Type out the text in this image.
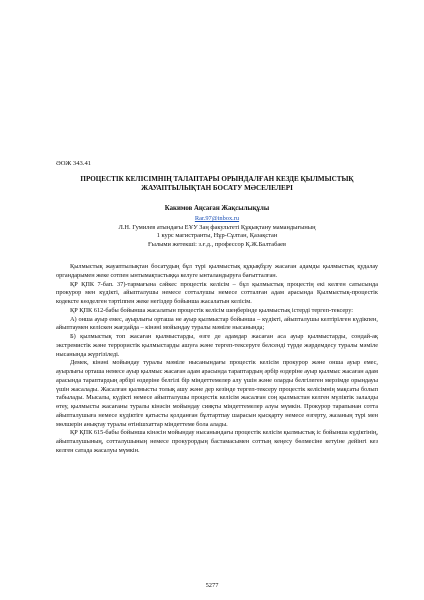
ӘОЖ 343.41
ПРОЦЕСТІК КЕЛІСІМНІҢ ТАЛАПТАРЫ ОРЫНДАЛҒАН КЕЗДЕ ҚЫЛМЫСТЫҚ ЖАУАПТЫЛЫҚТАН БОСАТУ МӘСЕЛЕЛЕРІ
Какимов Аңсаған Жақсылықұлы
Rar.97@inbox.ru
Л.Н. Гумилев атындағы ЕҰУ Заң факультеті Құқықтану мамандығының
1 курс магистранты, Нұр-Сұлтан, Қазақстан
Ғылыми жетекші: з.ғ.д., профессор Қ.Ж.Балтабаев

Қылмыстық жауаптылықтан босатудың бұл түрі қылмыстық құқықбұзу жасаған адамды қылмыстық қудалау органдарымен жеке сотпен ынтымақтастыққа келуге ынталандыруға бағытталған.

ҚР ҚПК 7-бап. 37)-тармағына сәйкес процестік келісім – бұл қылмыстық процестің екі келген сатысында прокурор мен күдікті, айыпталушы немесе сотталушы немесе сотталған адам арасында Қылмыстық-процестік кодексте көзделген тәртіппен жеке негіздер бойынша жасалатын келісім.

ҚР ҚПК 612-бабы бойынша жасалатын процестік келісім шеңберінде қылмыстық істерді тергеп-тексеру:

А) онша ауыр емес, ауырлығы орташа не ауыр қылмыстар бойынша – күдікті, айыпталушы келтірілген күдікпен, айыптаумен келіскен жағдайда – кінәні мойындау туралы мәміле нысанында;

Б) қылмыстық топ жасаған қылмыстарды, өзге де адамдар жасаған аса ауыр қылмыстарды, сондай-ақ экстремистік және террористік қылмыстарды ашуға және тергеп-тексеруге белсенді түрде жәрдемдесу туралы мәміле нысанында жүргізіледі.

Демек, кінәні мойындау туралы мәміле нысанындағы процестік келісім прокурор және онша ауыр емес, ауырлығы орташа немесе ауыр қылмыс жасаған адам арасында тараптардың әрбір өздеріне ауыр қылмыс жасаған адам арасында тараптардың әрбірі өздеріне белгілі бір міндеттемелер алу үшін және оларды белгілеген мерзімде орындауы үшін жасалады. Жасалған қылмысты толық ашу және дер кезінде тергеп-тексеру процестік келісімнің мақсаты болып табылады. Мысалы, күдікті немесе айыпталушы процестік келісім жасалған соң қылмыстан келген мүліктік залалды өтеу, қылмысты жасағаны туралы кінәсін мойындау сияқты міндеттемелер алуы мүмкін. Прокурор тарапынан сотта айыпталушыға немесе күдіктіге қатысты қолданған бұлтартпау шарасын қысқарту немесе өзгерту, жазаның түрі мен мөлшерін анықтау туралы өтінішхаттар міндеттеме бола алады.

ҚР ҚПК 615-бабы бойынша кінәсін мойындау нысанындағы процестік келісім қылмыстық іс бойынша күдіктінің, айыпталушының, сотталушының немесе прокурордың бастамасымен соттың кеңесу бөлмесіне кетуіне дейінгі кез келген сатада жасалуы мүмкін.

5277
